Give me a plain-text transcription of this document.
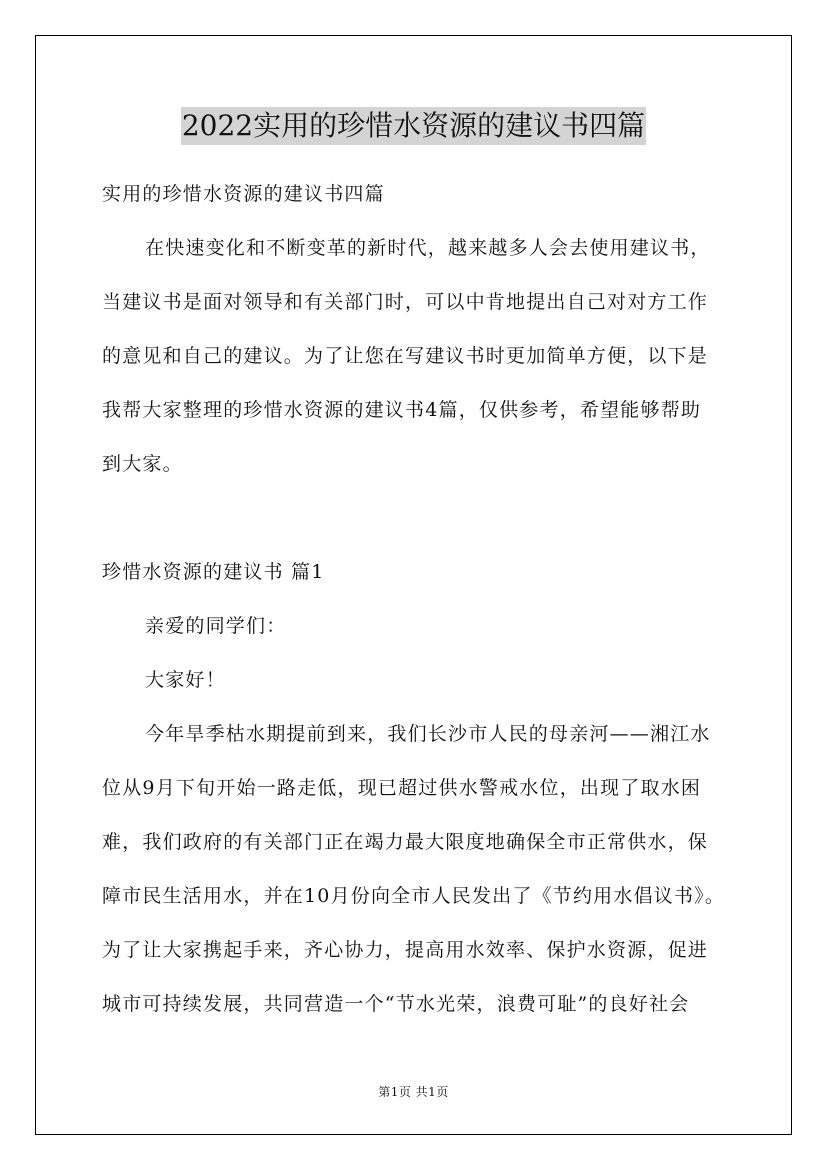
2022实用的珍惜水资源的建议书四篇
实用的珍惜水资源的建议书四篇
在快速变化和不断变革的新时代，越来越多人会去使用建议书，
当建议书是面对领导和有关部门时，可以中肯地提出自己对对方工作
的意见和自己的建议。为了让您在写建议书时更加简单方便，以下是
我帮大家整理的珍惜水资源的建议书4篇，仅供参考，希望能够帮助
到大家。
珍惜水资源的建议书 篇1
亲爱的同学们：
大家好！
今年旱季枯水期提前到来，我们长沙市人民的母亲河——湘江水
位从9月下旬开始一路走低，现已超过供水警戒水位，出现了取水困
难，我们政府的有关部门正在竭力最大限度地确保全市正常供水，保
障市民生活用水，并在10月份向全市人民发出了《节约用水倡议书》。
为了让大家携起手来，齐心协力，提高用水效率、保护水资源，促进
城市可持续发展，共同营造一个“节水光荣，浪费可耻”的良好社会
第1页 共1页
